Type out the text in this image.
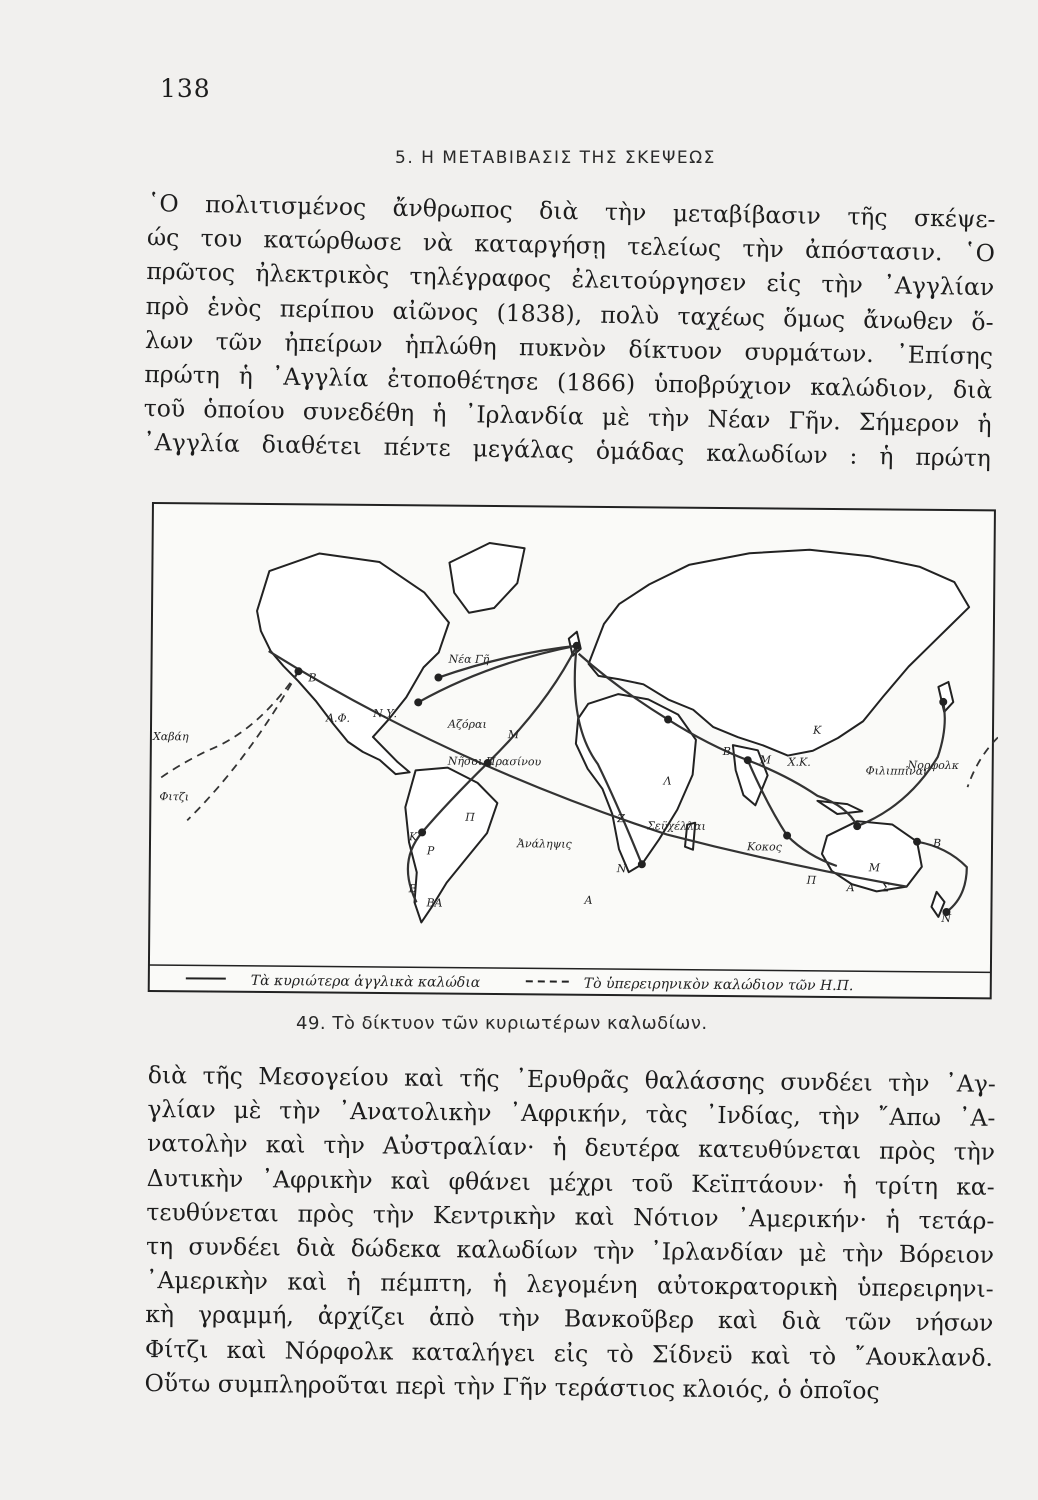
138
5. Η ΜΕΤΑΒΙΒΑΣΙΣ ΤΗΣ ΣΚΕΨΕΩΣ
῾Ο πολιτισμένος ἄνθρωπος διὰ τὴν μεταβίβασιν τῆς σκέψε-
ώς του κατώρθωσε νὰ καταργήσῃ τελείως τὴν ἀπόστασιν. ῾Ο
πρῶτος ἠλεκτρικὸς τηλέγραφος ἐλειτούργησεν εἰς τὴν ᾿Αγγλίαν
πρὸ ἑνὸς περίπου αἰῶνος (1838), πολὺ ταχέως ὅμως ἄνωθεν ὅ-
λων τῶν ἠπείρων ἡπλώθη πυκνὸν δίκτυον συρμάτων. ᾿Επίσης
πρώτη ἡ ᾿Αγγλία ἐτοποθέτησε (1866) ὑποβρύχιον καλώδιον, διὰ
τοῦ ὁποίου συνεδέθη ἡ ᾿Ιρλανδία μὲ τὴν Νέαν Γῆν. Σήμερον ἡ
᾿Αγγλία διαθέτει πέντε μεγάλας ὁμάδας καλωδίων : ἡ πρώτη
Νέα Γῆ
Β
Α.Φ. Ν.Υ.
Αζόραι
Μ
Νῆσοι Πρασίνου
Π
Κ
Ρ
Β
ΒΑ
Ἀνάληψις
Ζ
Ν
Α
Λ
Β
Μ Χ.Κ.
Κ
Φιλιππῖναι
Σεϋχέλλαι
Κοκος
Π
Α
Β
Μ
Σ
Ν
Φιτζι
Χαβάη
Νορφολκ
Τὰ κυριώτερα ἀγγλικὰ καλώδια	Τὸ ὑπερειρηνικὸν καλώδιον τῶν Η.Π.
49. Τὸ δίκτυον τῶν κυριωτέρων καλωδίων.
διὰ τῆς Μεσογείου καὶ τῆς ᾿Ερυθρᾶς θαλάσσης συνδέει τὴν ᾿Αγ-
γλίαν μὲ τὴν ᾿Ανατολικὴν ᾿Αφρικήν, τὰς ᾿Ινδίας, τὴν ῎Απω ᾿Α-
νατολὴν καὶ τὴν Αὐστραλίαν· ἡ δευτέρα κατευθύνεται πρὸς τὴν
Δυτικὴν ᾿Αφρικὴν καὶ φθάνει μέχρι τοῦ Κεϊπτάουν· ἡ τρίτη κα-
τευθύνεται πρὸς τὴν Κεντρικὴν καὶ Νότιον ᾿Αμερικήν· ἡ τετάρ-
τη συνδέει διὰ δώδεκα καλωδίων τὴν ᾿Ιρλανδίαν μὲ τὴν Βόρειον
᾿Αμερικὴν καὶ ἡ πέμπτη, ἡ λεγομένη αὐτοκρατορικὴ ὑπερειρηνι-
κὴ γραμμή, ἀρχίζει ἀπὸ τὴν Βανκοῦβερ καὶ διὰ τῶν νήσων
Φίτζι καὶ Νόρφολκ καταλήγει εἰς τὸ Σίδνεϋ καὶ τὸ ῎Αουκλανδ.
Οὕτω συμπληροῦται περὶ τὴν Γῆν τεράστιος κλοιός, ὁ ὁποῖος
